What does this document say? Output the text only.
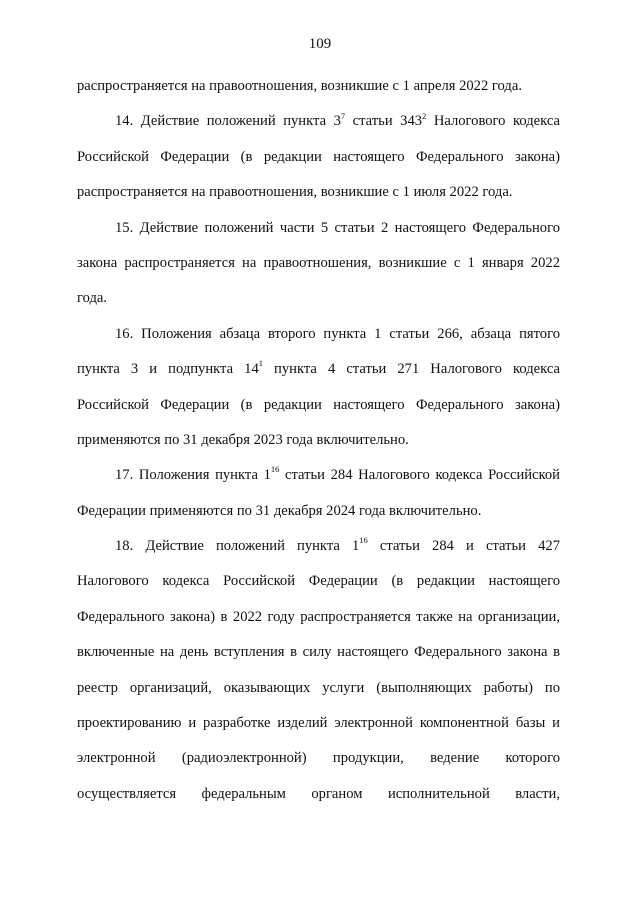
109
распространяется на правоотношения, возникшие с 1 апреля 2022 года.
14. Действие положений пункта $3^7$ статьи $343^2$ Налогового кодекса
Российской Федерации (в редакции настоящего Федерального закона)
распространяется на правоотношения, возникшие с 1 июля 2022 года.
15. Действие положений части 5 статьи 2 настоящего Федерального
закона распространяется на правоотношения, возникшие с 1 января 2022
года.
16. Положения абзаца второго пункта 1 статьи 266, абзаца пятого
пункта 3 и подпункта $14^1$ пункта 4 статьи 271 Налогового кодекса
Российской Федерации (в редакции настоящего Федерального закона)
применяются по 31 декабря 2023 года включительно.
17. Положения пункта $1^{16}$ статьи 284 Налогового кодекса Российской
Федерации применяются по 31 декабря 2024 года включительно.
18. Действие положений пункта $1^{16}$ статьи 284 и статьи 427
Налогового кодекса Российской Федерации (в редакции настоящего
Федерального закона) в 2022 году распространяется также на организации,
включенные на день вступления в силу настоящего Федерального закона в
реестр организаций, оказывающих услуги (выполняющих работы) по
проектированию и разработке изделий электронной компонентной базы и
электронной (радиоэлектронной) продукции, ведение которого
осуществляется федеральным органом исполнительной власти,
